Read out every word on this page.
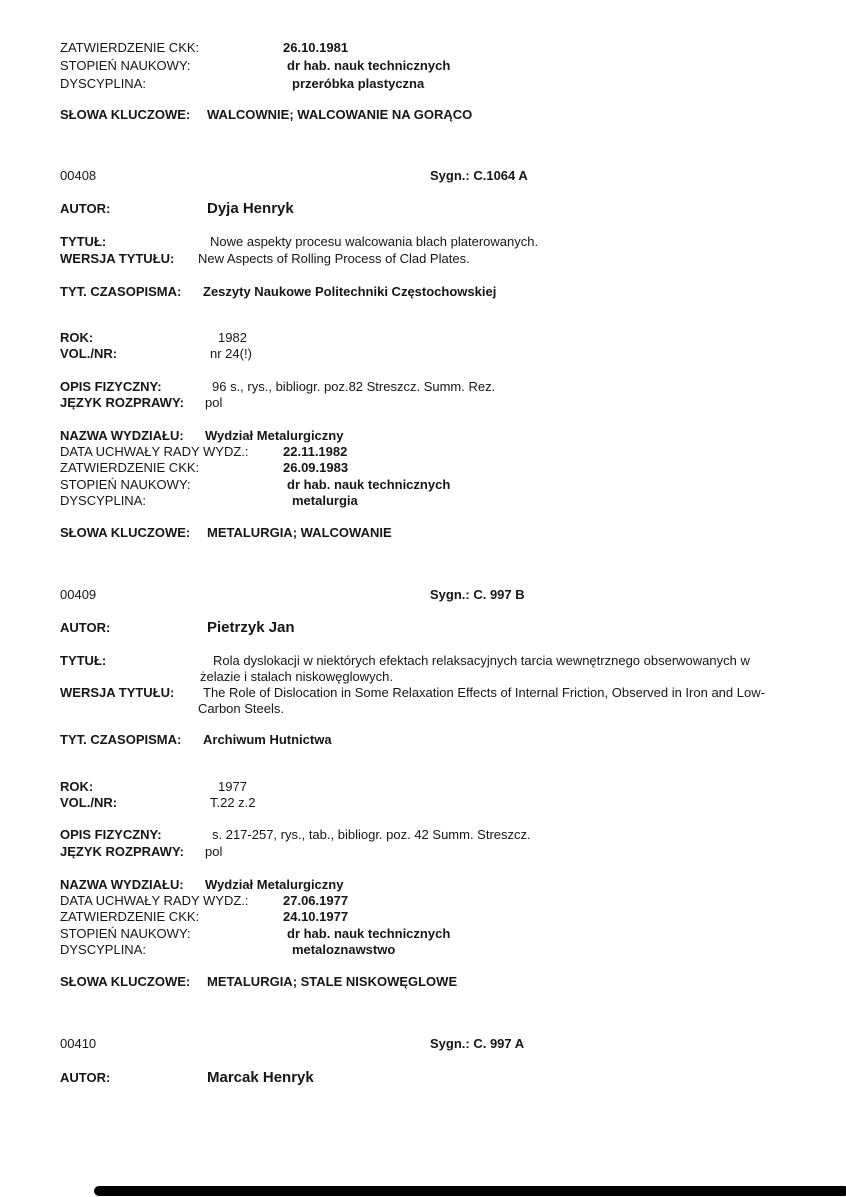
ZATWIERDZENIE CKK:	26.10.1981
STOPIEŃ NAUKOWY:	dr hab. nauk technicznych
DYSCYPLINA:	przeróbka plastyczna
SŁOWA KLUCZOWE: WALCOWNIE; WALCOWANIE NA GORĄCO
00408	Sygn.: C.1064 A
AUTOR:	Dyja Henryk
TYTUŁ:	Nowe aspekty procesu walcowania blach platerowanych.
WERSJA TYTUŁU: New Aspects of Rolling Process of Clad Plates.
TYT. CZASOPISMA: Zeszyty Naukowe Politechniki Częstochowskiej
ROK:	1982
VOL./NR:	nr 24(!)
OPIS FIZYCZNY:	96 s., rys., bibliogr. poz.82 Streszcz. Summ. Rez.
JĘZYK ROZPRAWY: pol
NAZWA WYDZIAŁU: Wydział Metalurgiczny
DATA UCHWAŁY RADY WYDZ.:	22.11.1982
ZATWIERDZENIE CKK:	26.09.1983
STOPIEŃ NAUKOWY:	dr hab. nauk technicznych
DYSCYPLINA:	metalurgia
SŁOWA KLUCZOWE: METALURGIA; WALCOWANIE
00409	Sygn.: C. 997 B
AUTOR:	Pietrzyk Jan
TYTUŁ:	Rola dyslokacji w niektórych efektach relaksacyjnych tarcia wewnętrznego obserwowanych w żelazie i stalach niskowęglowych.
WERSJA TYTUŁU:	The Role of Dislocation in Some Relaxation Effects of Internal Friction, Observed in Iron and Low-Carbon Steels.
TYT. CZASOPISMA: Archiwum Hutnictwa
ROK:	1977
VOL./NR:	T.22 z.2
OPIS FIZYCZNY:	s. 217-257, rys., tab., bibliogr. poz. 42 Summ. Streszcz.
JĘZYK ROZPRAWY: pol
NAZWA WYDZIAŁU: Wydział Metalurgiczny
DATA UCHWAŁY RADY WYDZ.:	27.06.1977
ZATWIERDZENIE CKK:	24.10.1977
STOPIEŃ NAUKOWY:	dr hab. nauk technicznych
DYSCYPLINA:	metaloznawstwo
SŁOWA KLUCZOWE: METALURGIA; STALE NISKOWĘGLOWE
00410	Sygn.: C. 997 A
AUTOR:	Marcak Henryk
